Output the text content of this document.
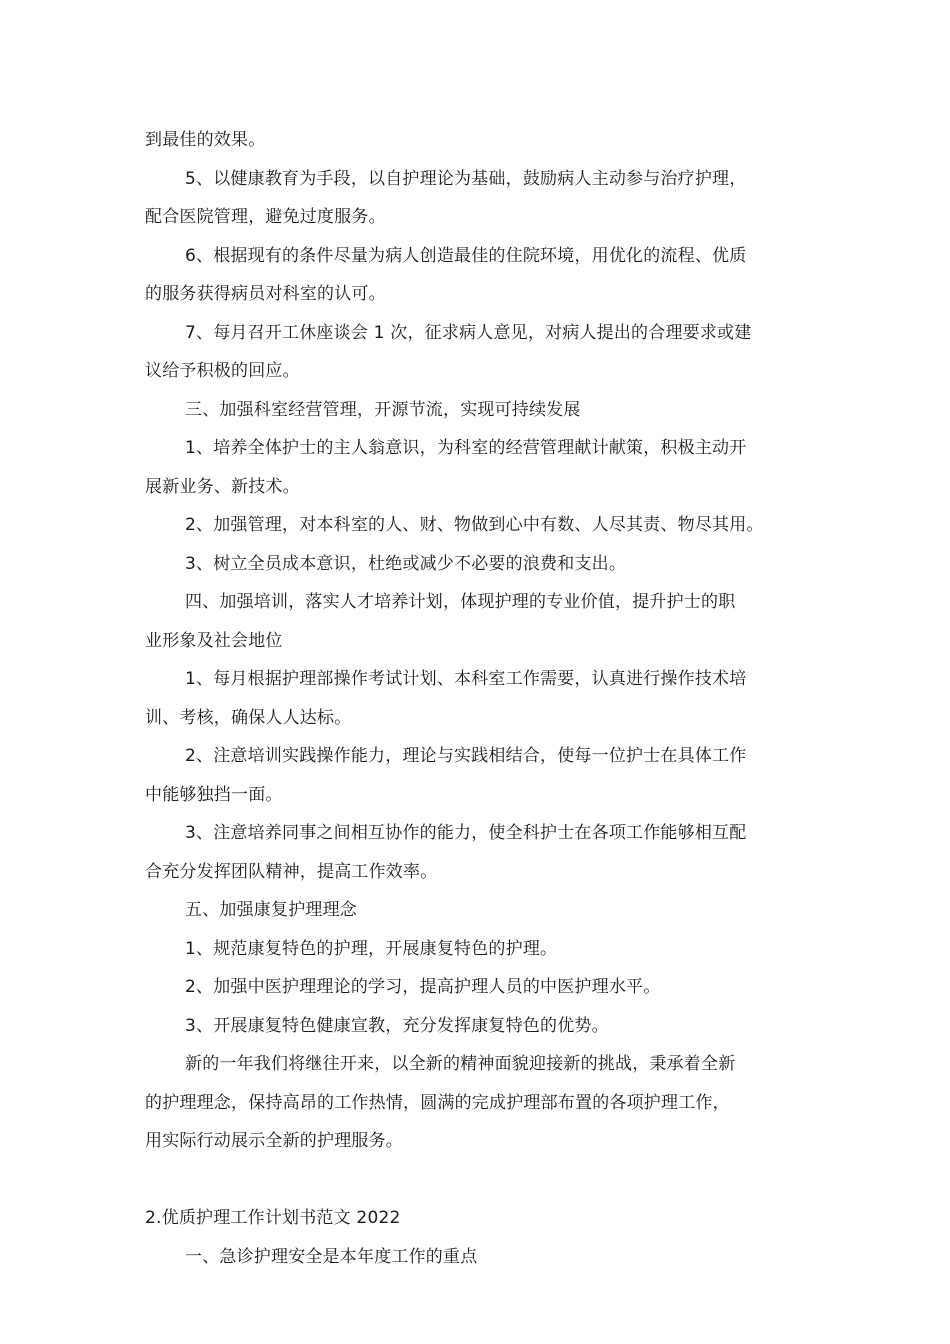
到最佳的效果。

5、以健康教育为手段，以自护理论为基础，鼓励病人主动参与治疗护理，

配合医院管理，避免过度服务。

6、根据现有的条件尽量为病人创造最佳的住院环境，用优化的流程、优质

的服务获得病员对科室的认可。

7、每月召开工休座谈会 1 次，征求病人意见，对病人提出的合理要求或建

议给予积极的回应。

三、加强科室经营管理，开源节流，实现可持续发展

1、培养全体护士的主人翁意识，为科室的经营管理献计献策，积极主动开

展新业务、新技术。

2、加强管理，对本科室的人、财、物做到心中有数、人尽其责、物尽其用。

3、树立全员成本意识，杜绝或减少不必要的浪费和支出。

四、加强培训，落实人才培养计划，体现护理的专业价值，提升护士的职

业形象及社会地位

1、每月根据护理部操作考试计划、本科室工作需要，认真进行操作技术培

训、考核，确保人人达标。

2、注意培训实践操作能力，理论与实践相结合，使每一位护士在具体工作

中能够独挡一面。

3、注意培养同事之间相互协作的能力，使全科护士在各项工作能够相互配

合充分发挥团队精神，提高工作效率。

五、加强康复护理理念

1、规范康复特色的护理，开展康复特色的护理。

2、加强中医护理理论的学习，提高护理人员的中医护理水平。

3、开展康复特色健康宣教，充分发挥康复特色的优势。

新的一年我们将继往开来，以全新的精神面貌迎接新的挑战，秉承着全新

的护理理念，保持高昂的工作热情，圆满的完成护理部布置的各项护理工作，

用实际行动展示全新的护理服务。

2.优质护理工作计划书范文 2022

一、急诊护理安全是本年度工作的重点
